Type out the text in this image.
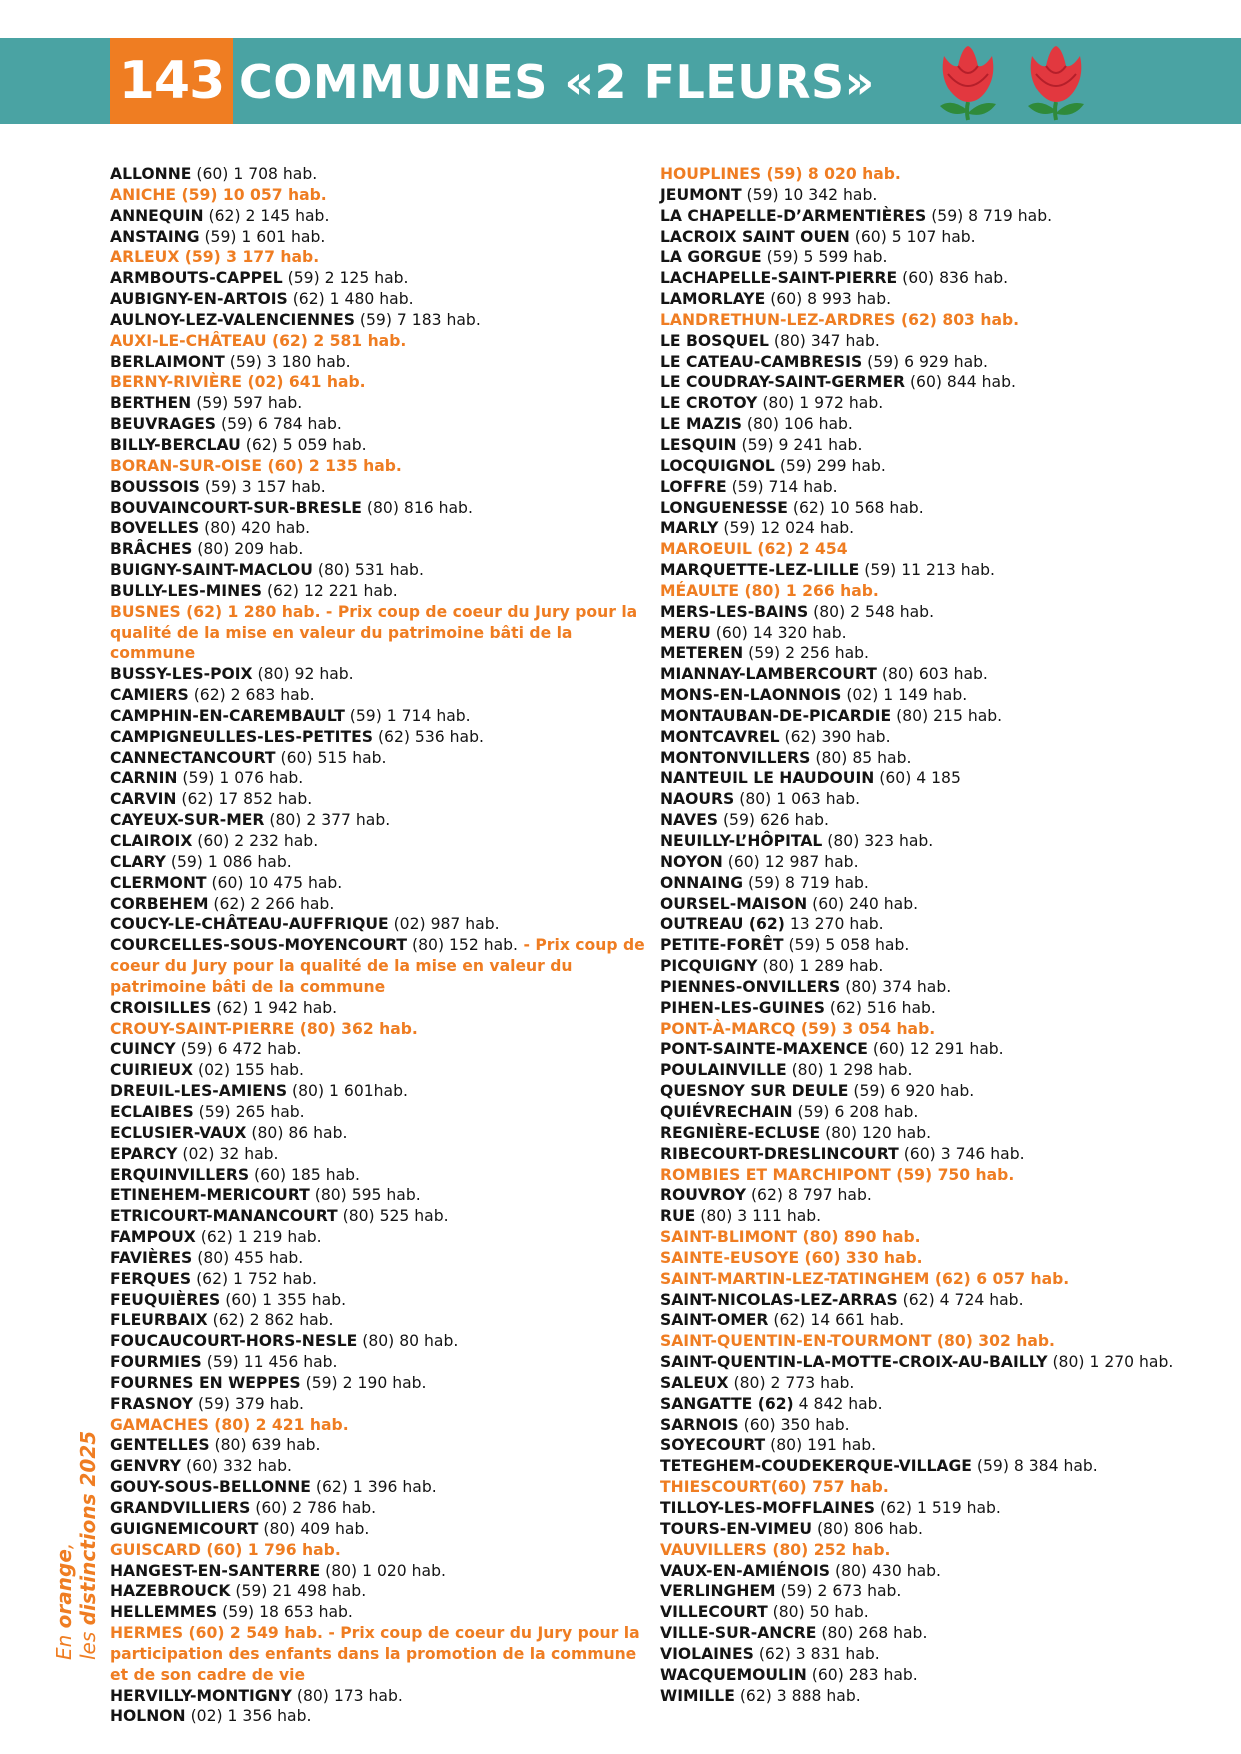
143 COMMUNES «2 FLEURS»
ALLONNE (60) 1 708 hab.
ANICHE (59) 10 057 hab.
ANNEQUIN (62) 2 145 hab.
ANSTAING (59) 1 601 hab.
ARLEUX (59) 3 177 hab.
ARMBOUTS-CAPPEL (59) 2 125 hab.
AUBIGNY-EN-ARTOIS (62) 1 480 hab.
AULNOY-LEZ-VALENCIENNES (59) 7 183 hab.
AUXI-LE-CHÂTEAU (62) 2 581 hab.
BERLAIMONT (59) 3 180 hab.
BERNY-RIVIÈRE (02) 641 hab.
BERTHEN (59) 597 hab.
BEUVRAGES (59) 6 784 hab.
BILLY-BERCLAU (62) 5 059 hab.
BORAN-SUR-OISE (60) 2 135 hab.
BOUSSOIS (59) 3 157 hab.
BOUVAINCOURT-SUR-BRESLE (80) 816 hab.
BOVELLES (80) 420 hab.
BRÂCHES (80) 209 hab.
BUIGNY-SAINT-MACLOU (80) 531 hab.
BULLY-LES-MINES (62) 12 221 hab.
BUSNES (62) 1 280 hab. - Prix coup de coeur du Jury pour la qualité de la mise en valeur du patrimoine bâti de la commune
BUSSY-LES-POIX (80) 92 hab.
CAMIERS (62) 2 683 hab.
CAMPHIN-EN-CAREMBAULT (59) 1 714 hab.
CAMPIGNEULLES-LES-PETITES (62) 536 hab.
CANNECTANCOURT (60) 515 hab.
CARNIN (59) 1 076 hab.
CARVIN (62) 17 852 hab.
CAYEUX-SUR-MER (80) 2 377 hab.
CLAIROIX (60) 2 232 hab.
CLARY (59) 1 086 hab.
CLERMONT (60) 10 475 hab.
CORBEHEM (62) 2 266 hab.
COUCY-LE-CHÂTEAU-AUFFRIQUE (02) 987 hab.
COURCELLES-SOUS-MOYENCOURT (80) 152 hab. - Prix coup de coeur du Jury pour la qualité de la mise en valeur du patrimoine bâti de la commune
CROISILLES (62) 1 942 hab.
CROUY-SAINT-PIERRE (80) 362 hab.
CUINCY (59) 6 472 hab.
CUIRIEUX (02) 155 hab.
DREUIL-LES-AMIENS (80) 1 601hab.
ECLAIBES (59) 265 hab.
ECLUSIER-VAUX (80) 86 hab.
EPARCY (02) 32 hab.
ERQUINVILLERS (60) 185 hab.
ETINEHEM-MERICOURT (80) 595 hab.
ETRICOURT-MANANCOURT (80) 525 hab.
FAMPOUX (62) 1 219 hab.
FAVIÈRES (80) 455 hab.
FERQUES (62) 1 752 hab.
FEUQUIÈRES (60) 1 355 hab.
FLEURBAIX (62) 2 862 hab.
FOUCAUCOURT-HORS-NESLE (80) 80 hab.
FOURMIES (59) 11 456 hab.
FOURNES EN WEPPES (59) 2 190 hab.
FRASNOY (59) 379 hab.
GAMACHES (80) 2 421 hab.
GENTELLES (80) 639 hab.
GENVRY (60) 332 hab.
GOUY-SOUS-BELLONNE (62) 1 396 hab.
GRANDVILLIERS (60) 2 786 hab.
GUIGNEMICOURT (80) 409 hab.
GUISCARD (60) 1 796 hab.
HANGEST-EN-SANTERRE (80) 1 020 hab.
HAZEBROUCK (59) 21 498 hab.
HELLEMMES (59) 18 653 hab.
HERMES (60) 2 549 hab. - Prix coup de coeur du Jury pour la participation des enfants dans la promotion de la commune et de son cadre de vie
HERVILLY-MONTIGNY (80) 173 hab.
HOLNON (02) 1 356 hab.
HOUPLINES (59) 8 020 hab.
JEUMONT (59) 10 342 hab.
LA CHAPELLE-D’ARMENTIÈRES (59) 8 719 hab.
LACROIX SAINT OUEN (60) 5 107 hab.
LA GORGUE (59) 5 599 hab.
LACHAPELLE-SAINT-PIERRE (60) 836 hab.
LAMORLAYE (60) 8 993 hab.
LANDRETHUN-LEZ-ARDRES (62) 803 hab.
LE BOSQUEL (80) 347 hab.
LE CATEAU-CAMBRESIS (59) 6 929 hab.
LE COUDRAY-SAINT-GERMER (60) 844 hab.
LE CROTOY (80) 1 972 hab.
LE MAZIS (80) 106 hab.
LESQUIN (59) 9 241 hab.
LOCQUIGNOL (59) 299 hab.
LOFFRE (59) 714 hab.
LONGUENESSE (62) 10 568 hab.
MARLY (59) 12 024 hab.
MAROEUIL (62) 2 454
MARQUETTE-LEZ-LILLE (59) 11 213 hab.
MÉAULTE (80) 1 266 hab.
MERS-LES-BAINS (80) 2 548 hab.
MERU (60) 14 320 hab.
METEREN (59) 2 256 hab.
MIANNAY-LAMBERCOURT (80) 603 hab.
MONS-EN-LAONNOIS (02) 1 149 hab.
MONTAUBAN-DE-PICARDIE (80) 215 hab.
MONTCAVREL (62) 390 hab.
MONTONVILLERS (80) 85 hab.
NANTEUIL LE HAUDOUIN (60) 4 185
NAOURS (80) 1 063 hab.
NAVES (59) 626 hab.
NEUILLY-L’HÔPITAL (80) 323 hab.
NOYON (60) 12 987 hab.
ONNAING (59) 8 719 hab.
OURSEL-MAISON (60) 240 hab.
OUTREAU (62) 13 270 hab.
PETITE-FORÊT (59) 5 058 hab.
PICQUIGNY (80) 1 289 hab.
PIENNES-ONVILLERS (80) 374 hab.
PIHEN-LES-GUINES (62) 516 hab.
PONT-À-MARCQ (59) 3 054 hab.
PONT-SAINTE-MAXENCE (60) 12 291 hab.
POULAINVILLE (80) 1 298 hab.
QUESNOY SUR DEULE (59) 6 920 hab.
QUIÉVRECHAIN (59) 6 208 hab.
REGNIÈRE-ECLUSE (80) 120 hab.
RIBECOURT-DRESLINCOURT (60) 3 746 hab.
ROMBIES ET MARCHIPONT (59) 750 hab.
ROUVROY (62) 8 797 hab.
RUE (80) 3 111 hab.
SAINT-BLIMONT (80) 890 hab.
SAINTE-EUSOYE (60) 330 hab.
SAINT-MARTIN-LEZ-TATINGHEM (62) 6 057 hab.
SAINT-NICOLAS-LEZ-ARRAS (62) 4 724 hab.
SAINT-OMER (62) 14 661 hab.
SAINT-QUENTIN-EN-TOURMONT (80) 302 hab.
SAINT-QUENTIN-LA-MOTTE-CROIX-AU-BAILLY (80) 1 270 hab.
SALEUX (80) 2 773 hab.
SANGATTE (62) 4 842 hab.
SARNOIS (60) 350 hab.
SOYECOURT (80) 191 hab.
TETEGHEM-COUDEKERQUE-VILLAGE (59) 8 384 hab.
THIESCOURT(60) 757 hab.
TILLOY-LES-MOFFLAINES (62) 1 519 hab.
TOURS-EN-VIMEU (80) 806 hab.
VAUVILLERS (80) 252 hab.
VAUX-EN-AMIÉNOIS (80) 430 hab.
VERLINGHEM (59) 2 673 hab.
VILLECOURT (80) 50 hab.
VILLE-SUR-ANCRE (80) 268 hab.
VIOLAINES (62) 3 831 hab.
WACQUEMOULIN (60) 283 hab.
WIMILLE (62) 3 888 hab.
En orange,
les distinctions 2025
